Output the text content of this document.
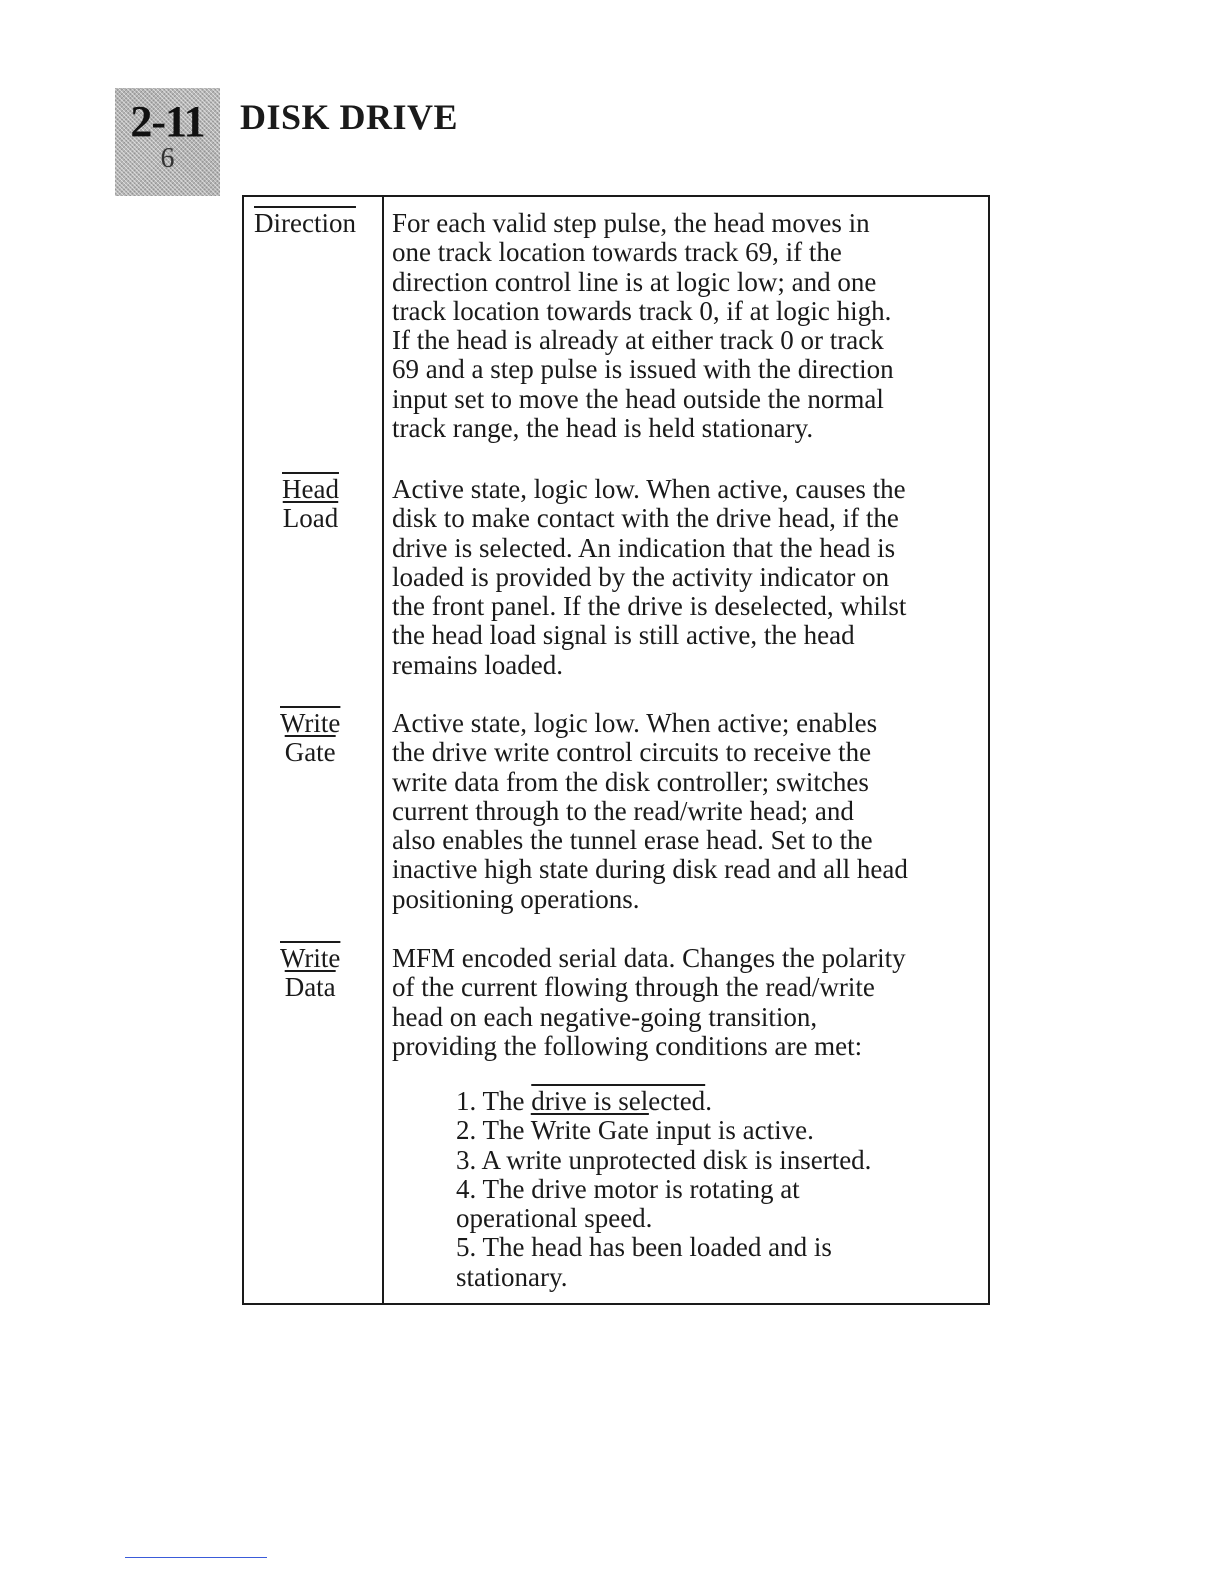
2-11
6
DISK DRIVE
Direction For each valid step pulse, the head moves in
one track location towards track 69, if the
direction control line is at logic low; and one
track location towards track 0, if at logic high.
If the head is already at either track 0 or track
69 and a step pulse is issued with the direction
input set to move the head outside the normal
track range, the head is held stationary.
Head
Load
Active state, logic low. When active, causes the
disk to make contact with the drive head, if the
drive is selected. An indication that the head is
loaded is provided by the activity indicator on
the front panel. If the drive is deselected, whilst
the head load signal is still active, the head
remains loaded.
Write
Gate
Active state, logic low. When active; enables
the drive write control circuits to receive the
write data from the disk controller; switches
current through to the read/write head; and
also enables the tunnel erase head. Set to the
inactive high state during disk read and all head
positioning operations.
Write
Data
MFM encoded serial data. Changes the polarity
of the current flowing through the read/write
head on each negative-going transition,
providing the following conditions are met:
1. The drive is selected.
2. The Write Gate input is active.
3. A write unprotected disk is inserted.
4. The drive motor is rotating at
operational speed.
5. The head has been loaded and is
stationary.
